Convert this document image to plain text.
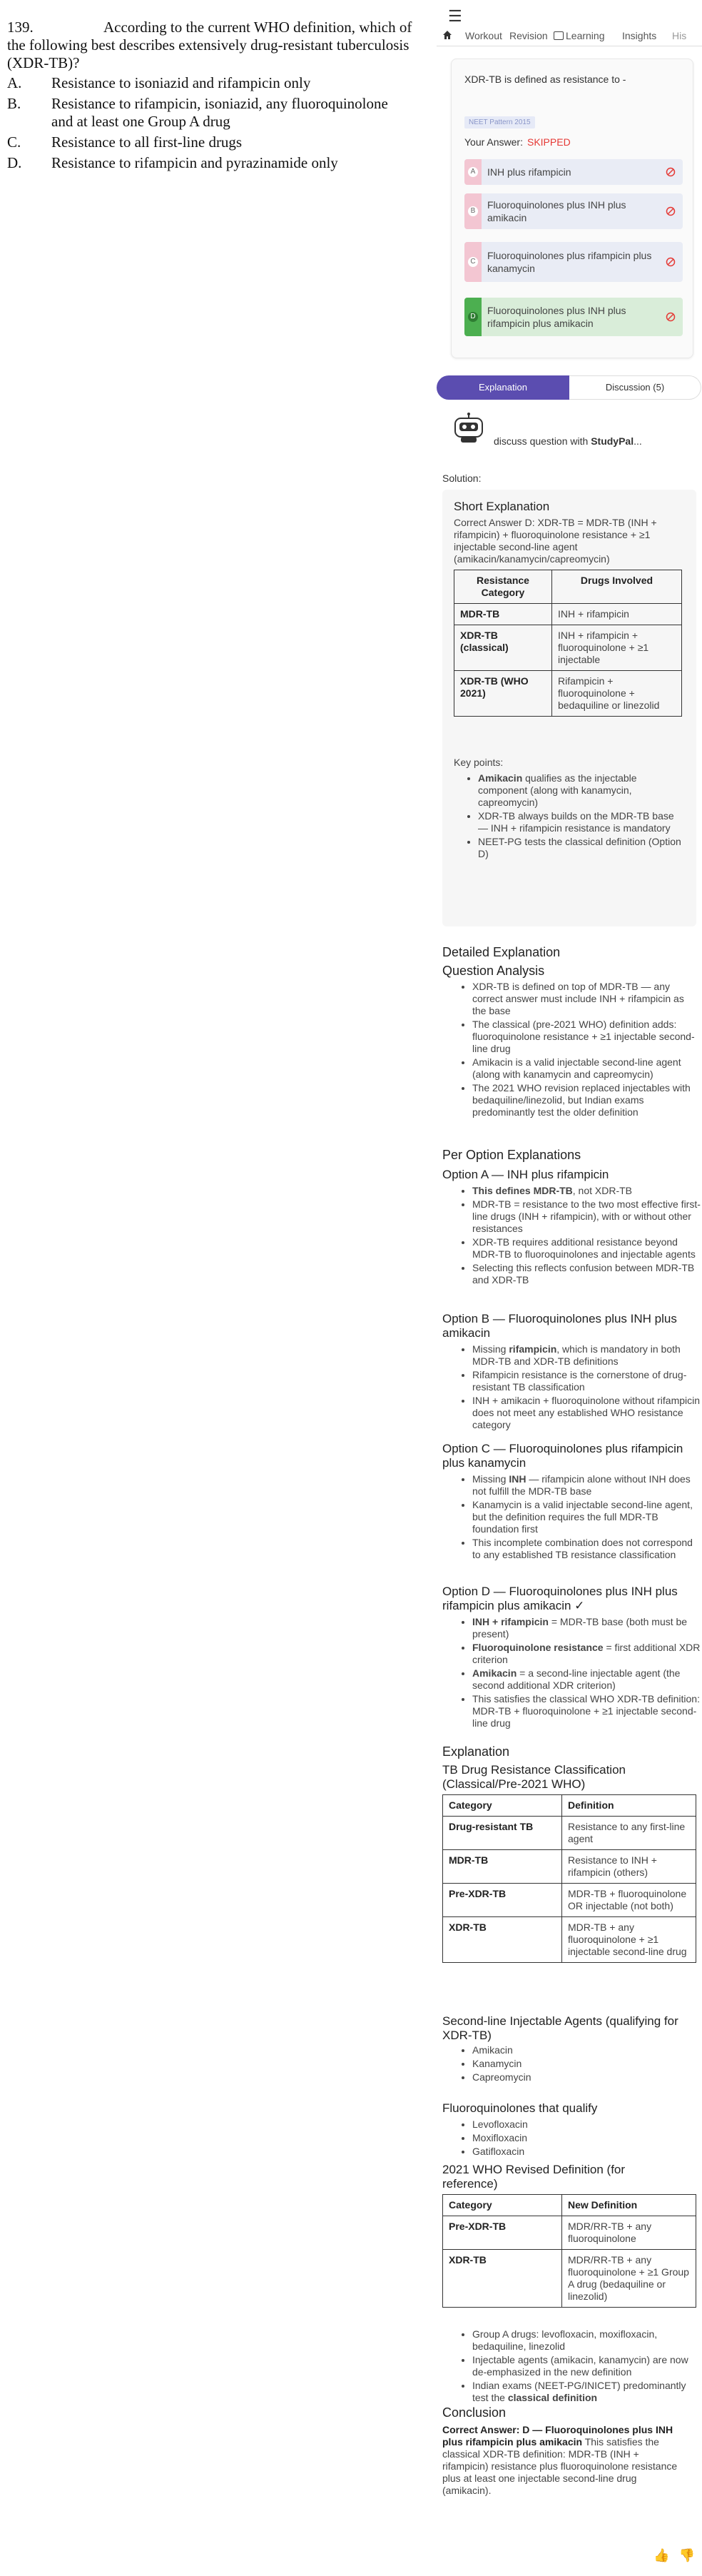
139.	According to the current WHO definition, which of the following best describes extensively drug-resistant tuberculosis (XDR-TB)?
A. Resistance to isoniazid and rifampicin only
B. Resistance to rifampicin, isoniazid, any fluoroquinolone and at least one Group A drug
C. Resistance to all first-line drugs
D. Resistance to rifampicin and pyrazinamide only
☰
Workout Revision	Learning Insights His
XDR-TB is defined as resistance to -
NEET Pattern 2015
Your Answer: SKIPPED
A INH plus rifampicin
B
Fluoroquinolones plus INH plus amikacin
C
Fluoroquinolones plus rifampicin plus kanamycin
D
Fluoroquinolones plus INH plus rifampicin plus amikacin
Explanation	Discussion (5)
discuss question with StudyPal...
Solution:
Short Explanation
Correct Answer D: XDR-TB = MDR-TB (INH + rifampicin) + fluoroquinolone resistance + ≥1 injectable second-line agent (amikacin/kanamycin/capreomycin)
Resistance Category	Drugs Involved
MDR-TB	INH + rifampicin
XDR-TB (classical)	INH + rifampicin + fluoroquinolone + ≥1 injectable
XDR-TB (WHO 2021)	Rifampicin + fluoroquinolone + bedaquiline or linezolid
Key points:
• Amikacin qualifies as the injectable component (along with kanamycin, capreomycin)
• XDR-TB always builds on the MDR-TB base — INH + rifampicin resistance is mandatory
• NEET-PG tests the classical definition (Option D)
Detailed Explanation
Question Analysis
• XDR-TB is defined on top of MDR-TB — any correct answer must include INH + rifampicin as the base
• The classical (pre-2021 WHO) definition adds: fluoroquinolone resistance + ≥1 injectable second-line drug
• Amikacin is a valid injectable second-line agent (along with kanamycin and capreomycin)
• The 2021 WHO revision replaced injectables with bedaquiline/linezolid, but Indian exams predominantly test the older definition
Per Option Explanations
Option A — INH plus rifampicin
• This defines MDR-TB, not XDR-TB
• MDR-TB = resistance to the two most effective first-line drugs (INH + rifampicin), with or without other resistances
• XDR-TB requires additional resistance beyond MDR-TB to fluoroquinolones and injectable agents
• Selecting this reflects confusion between MDR-TB and XDR-TB
Option B — Fluoroquinolones plus INH plus amikacin
• Missing rifampicin, which is mandatory in both MDR-TB and XDR-TB definitions
• Rifampicin resistance is the cornerstone of drug-resistant TB classification
• INH + amikacin + fluoroquinolone without rifampicin does not meet any established WHO resistance category
Option C — Fluoroquinolones plus rifampicin plus kanamycin
• Missing INH — rifampicin alone without INH does not fulfill the MDR-TB base
• Kanamycin is a valid injectable second-line agent, but the definition requires the full MDR-TB foundation first
• This incomplete combination does not correspond to any established TB resistance classification
Option D — Fluoroquinolones plus INH plus rifampicin plus amikacin ✓
• INH + rifampicin = MDR-TB base (both must be present)
• Fluoroquinolone resistance = first additional XDR criterion
• Amikacin = a second-line injectable agent (the second additional XDR criterion)
• This satisfies the classical WHO XDR-TB definition: MDR-TB + fluoroquinolone + ≥1 injectable second-line drug
Explanation
TB Drug Resistance Classification (Classical/Pre-2021 WHO)
Category	Definition
Drug-resistant TB	Resistance to any first-line agent
MDR-TB	Resistance to INH + rifampicin (others)
Pre-XDR-TB	MDR-TB + fluoroquinolone OR injectable (not both)
XDR-TB	MDR-TB + any fluoroquinolone + ≥1 injectable second-line drug
Second-line Injectable Agents (qualifying for XDR-TB)
• Amikacin
• Kanamycin
• Capreomycin
Fluoroquinolones that qualify
• Levofloxacin
• Moxifloxacin
• Gatifloxacin
2021 WHO Revised Definition (for reference)
Category	New Definition
Pre-XDR-TB	MDR/RR-TB + any fluoroquinolone
XDR-TB	MDR/RR-TB + any fluoroquinolone + ≥1 Group A drug (bedaquiline or linezolid)
• Group A drugs: levofloxacin, moxifloxacin, bedaquiline, linezolid
• Injectable agents (amikacin, kanamycin) are now de-emphasized in the new definition
• Indian exams (NEET-PG/INICET) predominantly test the classical definition
Conclusion
Correct Answer: D — Fluoroquinolones plus INH plus rifampicin plus amikacin This satisfies the classical XDR-TB definition: MDR-TB (INH + rifampicin) resistance plus fluoroquinolone resistance plus at least one injectable second-line drug (amikacin).
👍 👎
